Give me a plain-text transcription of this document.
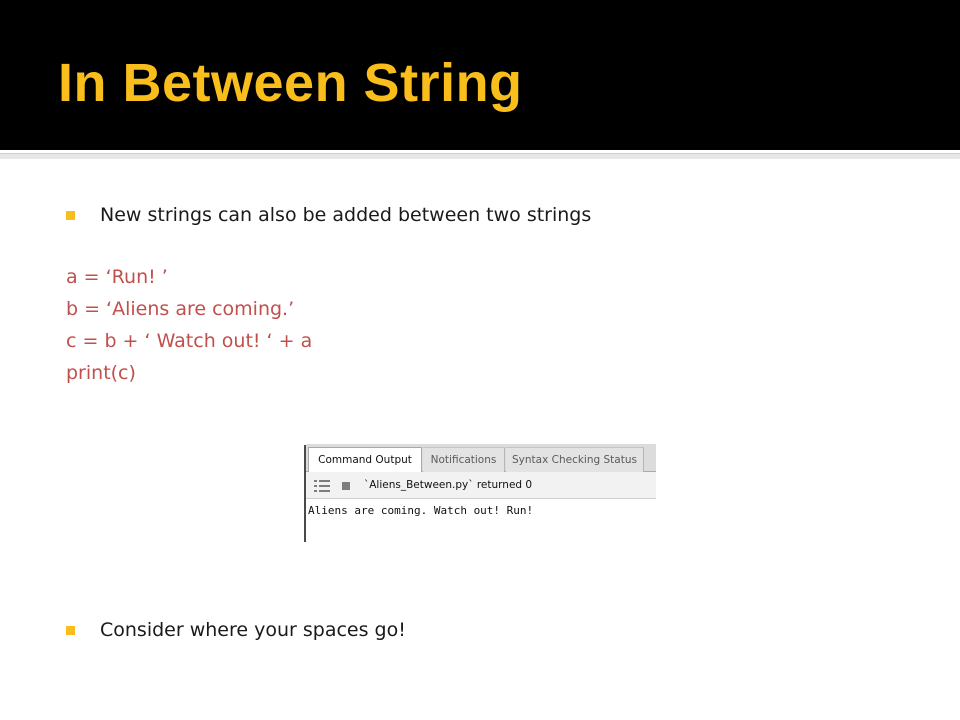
In Between String
New strings can also be added between two strings
a = ‘Run! ’
b = ‘Aliens are coming.’
c = b + ‘ Watch out! ‘ + a
print(c)
Command Output	Notifications	Syntax Checking Status
`Aliens_Between.py` returned 0
Aliens are coming. Watch out! Run!
Consider where your spaces go!
